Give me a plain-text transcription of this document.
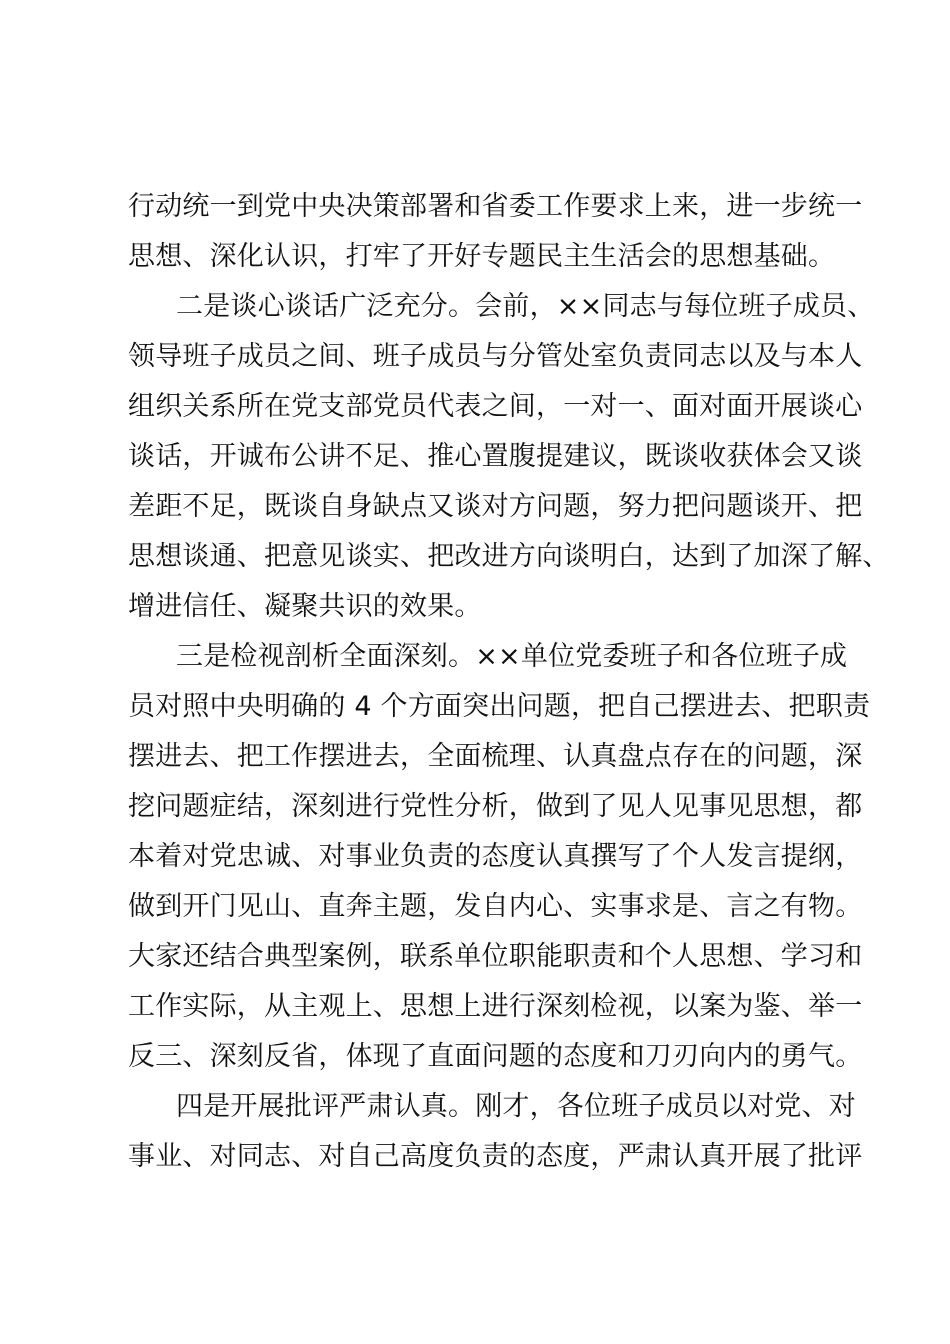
行动统一到党中央决策部署和省委工作要求上来，进一步统一
思想、深化认识，打牢了开好专题民主生活会的思想基础。
二是谈心谈话广泛充分。会前，××同志与每位班子成员、
领导班子成员之间、班子成员与分管处室负责同志以及与本人
组织关系所在党支部党员代表之间，一对一、面对面开展谈心
谈话，开诚布公讲不足、推心置腹提建议，既谈收获体会又谈
差距不足，既谈自身缺点又谈对方问题，努力把问题谈开、把
思想谈通、把意见谈实、把改进方向谈明白，达到了加深了解、
增进信任、凝聚共识的效果。
三是检视剖析全面深刻。××单位党委班子和各位班子成
员对照中央明确的 4 个方面突出问题，把自己摆进去、把职责
摆进去、把工作摆进去，全面梳理、认真盘点存在的问题，深
挖问题症结，深刻进行党性分析，做到了见人见事见思想，都
本着对党忠诚、对事业负责的态度认真撰写了个人发言提纲，
做到开门见山、直奔主题，发自内心、实事求是、言之有物。
大家还结合典型案例，联系单位职能职责和个人思想、学习和
工作实际，从主观上、思想上进行深刻检视，以案为鉴、举一
反三、深刻反省，体现了直面问题的态度和刀刃向内的勇气。
四是开展批评严肃认真。刚才，各位班子成员以对党、对
事业、对同志、对自己高度负责的态度，严肃认真开展了批评
